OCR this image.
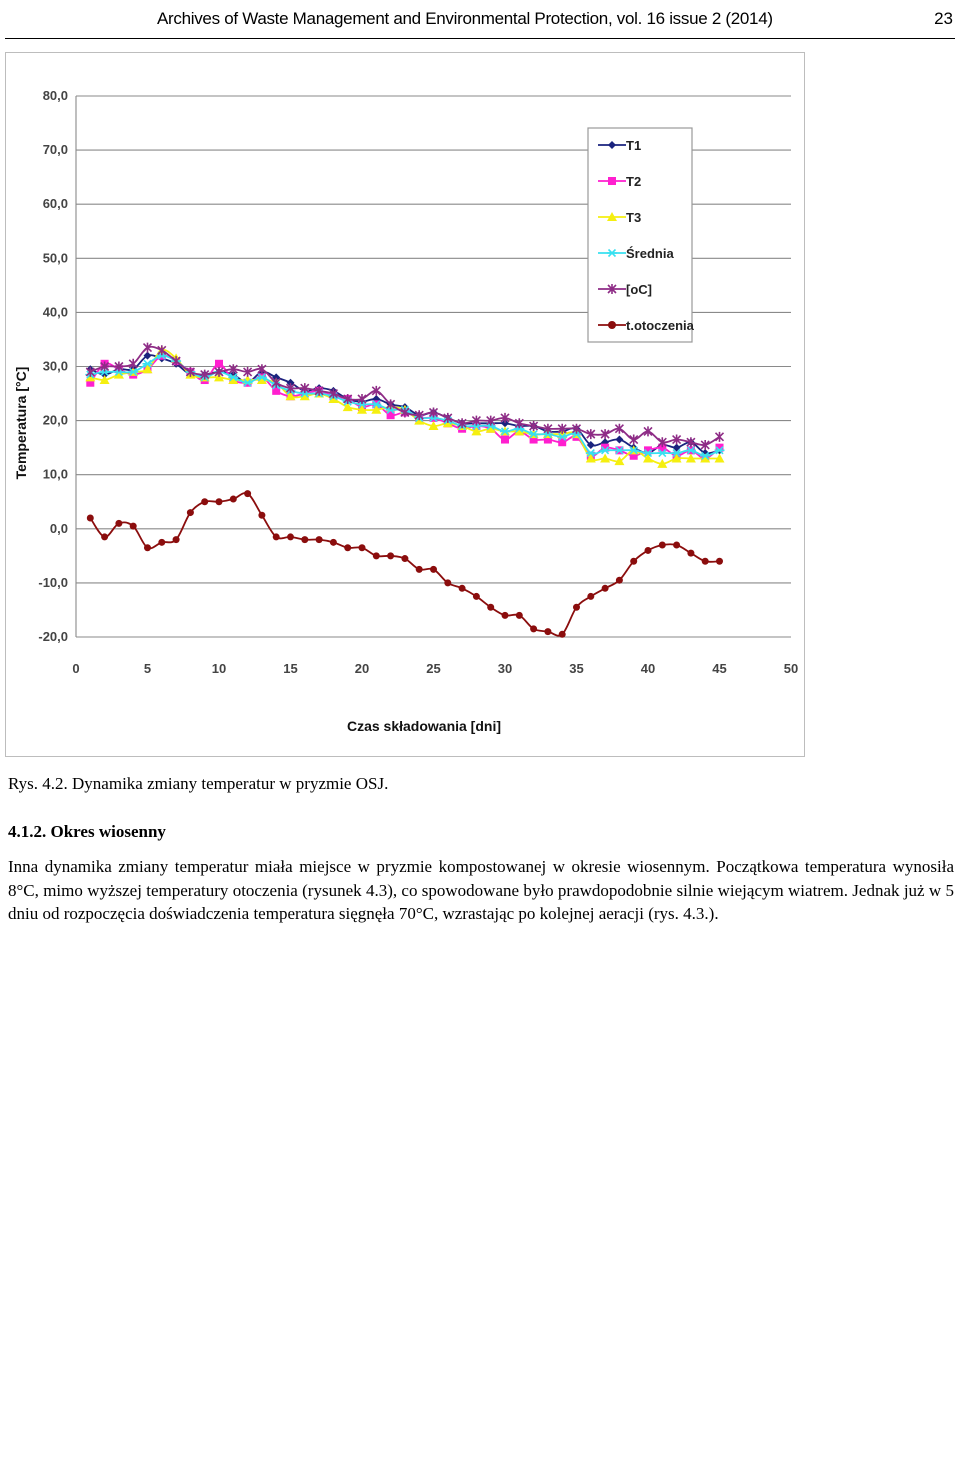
Archives of Waste Management and Environmental Protection, vol. 16 issue 2 (2014)	23
80,0
70,0
60,0
50,0
40,0
30,0
20,0
10,0
0,0
-10,0
-20,0
0	5	10	15	20	25	30	35	40	45	50
Temperatura [°C]
Czas składowania [dni]
T1
T2
T3
Średnia
[oC]
t.otoczenia
Rys. 4.2. Dynamika zmiany temperatur w pryzmie OSJ.
4.1.2. Okres wiosenny
Inna dynamika zmiany temperatur miała miejsce w pryzmie kompostowanej w okresie wiosennym. Początkowa temperatura wynosiła 8°C, mimo wyższej temperatury otoczenia (rysunek 4.3), co spowodowane było prawdopodobnie silnie wiejącym wiatrem. Jednak już w 5 dniu od rozpoczęcia doświadczenia temperatura sięgnęła 70°C, wzrastając po kolejnej aeracji (rys. 4.3.).
